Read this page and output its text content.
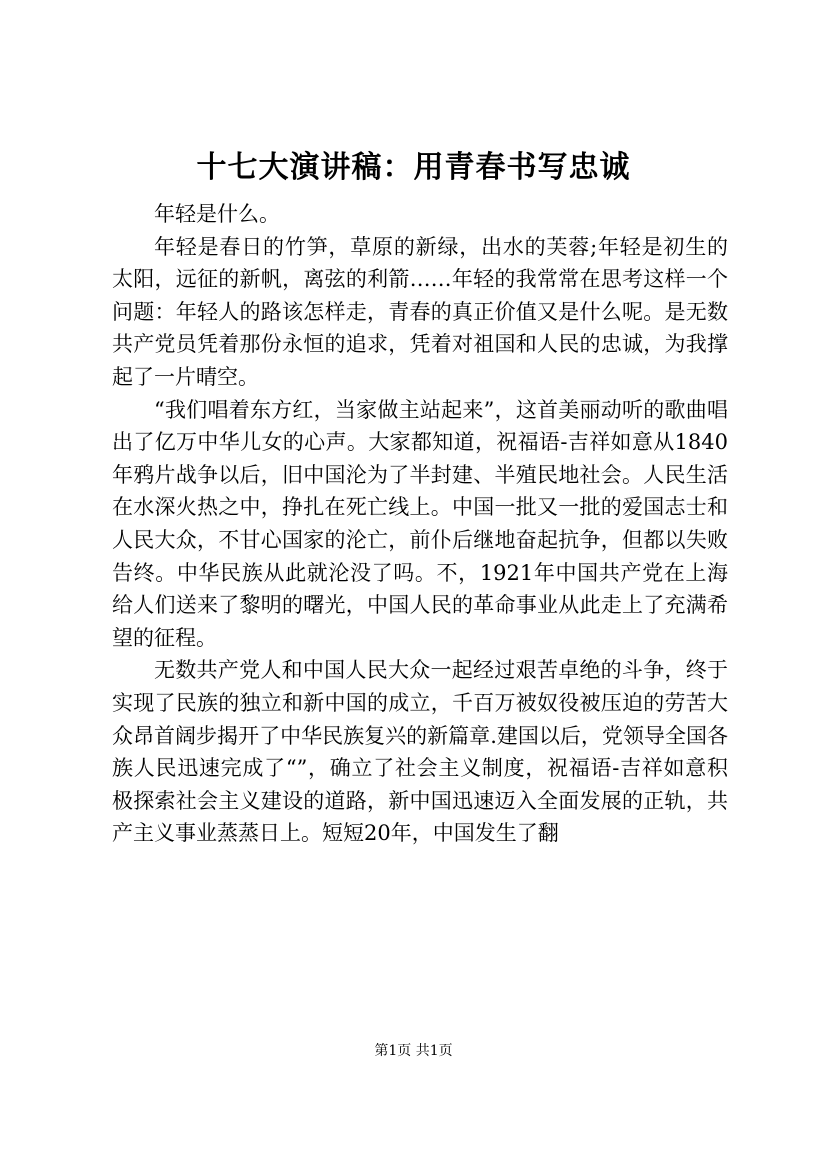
十七大演讲稿：用青春书写忠诚

年轻是什么。

年轻是春日的竹笋，草原的新绿，出水的芙蓉;年轻是初生的太阳，远征的新帆，离弦的利箭……年轻的我常常在思考这样一个问题：年轻人的路该怎样走，青春的真正价值又是什么呢。是无数共产党员凭着那份永恒的追求，凭着对祖国和人民的忠诚，为我撑起了一片晴空。

“我们唱着东方红，当家做主站起来”，这首美丽动听的歌曲唱出了亿万中华儿女的心声。大家都知道，祝福语-吉祥如意从1840年鸦片战争以后，旧中国沦为了半封建、半殖民地社会。人民生活在水深火热之中，挣扎在死亡线上。中国一批又一批的爱国志士和人民大众，不甘心国家的沦亡，前仆后继地奋起抗争，但都以失败告终。中华民族从此就沦没了吗。不，1921年中国共产党在上海给人们送来了黎明的曙光，中国人民的革命事业从此走上了充满希望的征程。

无数共产党人和中国人民大众一起经过艰苦卓绝的斗争，终于实现了民族的独立和新中国的成立，千百万被奴役被压迫的劳苦大众昂首阔步揭开了中华民族复兴的新篇章.建国以后，党领导全国各族人民迅速完成了“”，确立了社会主义制度，祝福语-吉祥如意积极探索社会主义建设的道路，新中国迅速迈入全面发展的正轨，共产主义事业蒸蒸日上。短短20年，中国发生了翻

第1页 共1页
